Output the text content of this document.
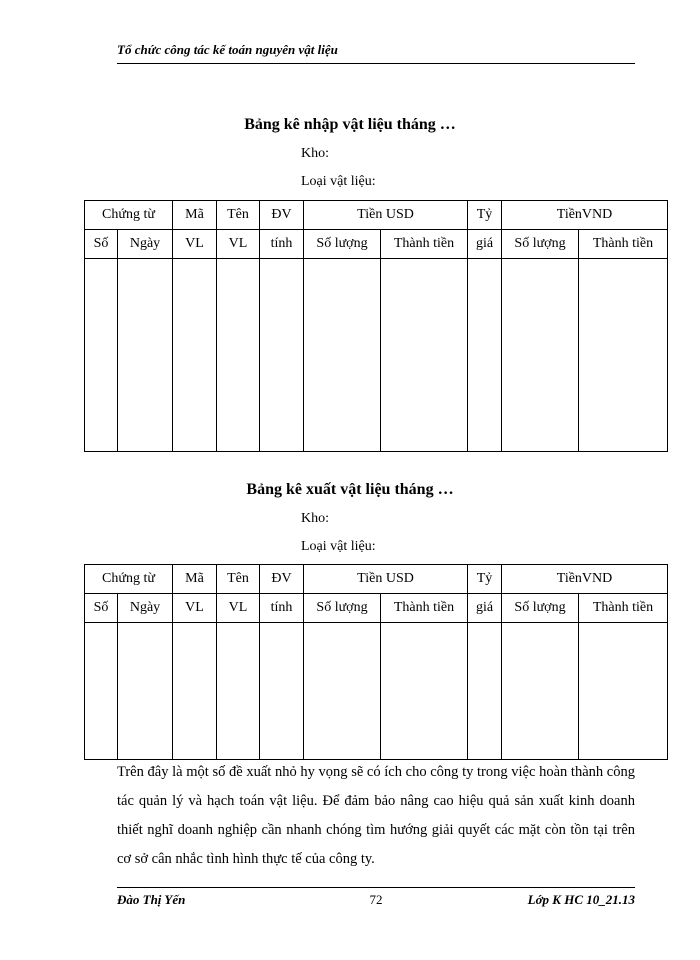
Tổ chức công tác kế toán nguyên vật liệu
Bảng kê nhập vật liệu tháng …
Kho:
Loại vật liệu:
Chứng từ		Mã	Tên	ĐV	Tiền USD		Tỷ	TiềnVND	
Số	Ngày	VL	VL	tính	Số lượng	Thành tiền	giá	Số lượng	Thành tiền

Bảng kê xuất vật liệu tháng …
Kho:
Loại vật liệu:
Chứng từ		Mã	Tên	ĐV	Tiền USD		Tỷ	TiềnVND	
Số	Ngày	VL	VL	tính	Số lượng	Thành tiền	giá	Số lượng	Thành tiền

Trên đây là một số đề xuất nhỏ hy vọng sẽ có ích cho công ty trong việc hoàn thành công tác quản lý và hạch toán vật liệu. Để đảm bảo nâng cao hiệu quả sản xuất kinh doanh thiết nghĩ doanh nghiệp cần nhanh chóng tìm hướng giải quyết các mặt còn tồn tại trên cơ sở cân nhắc tình hình thực tế của công ty.

72
Đào Thị Yến	Lớp K HC 10_21.13
